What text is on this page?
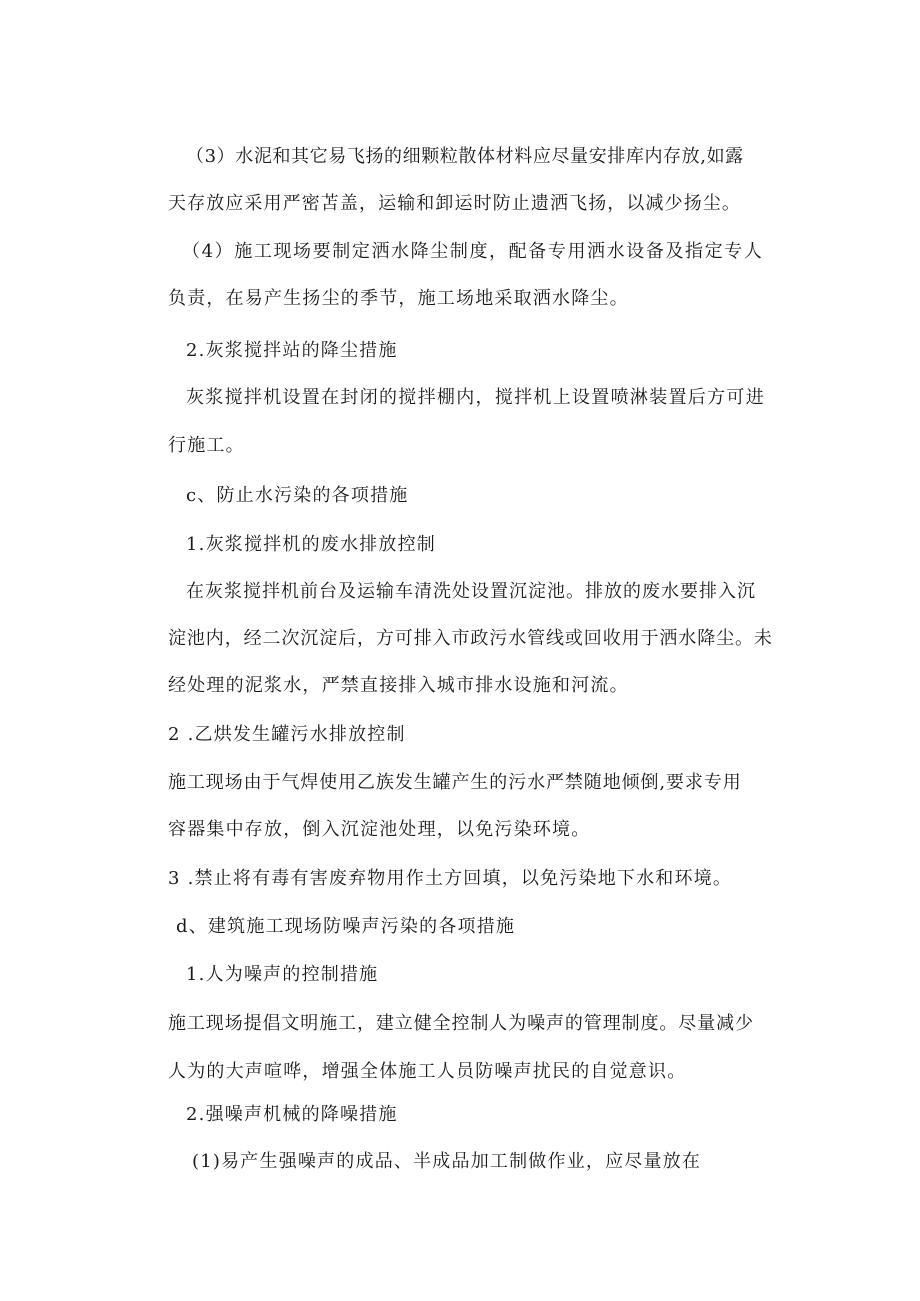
（3）水泥和其它易飞扬的细颗粒散体材料应尽量安排库内存放,如露
天存放应采用严密苫盖，运输和卸运时防止遗洒飞扬，以减少扬尘。
（4）施工现场要制定洒水降尘制度，配备专用洒水设备及指定专人
负责，在易产生扬尘的季节，施工场地采取洒水降尘。
2.灰浆搅拌站的降尘措施
灰浆搅拌机设置在封闭的搅拌棚内，搅拌机上设置喷淋装置后方可进
行施工。
c、防止水污染的各项措施
1.灰浆搅拌机的废水排放控制
在灰浆搅拌机前台及运输车清洗处设置沉淀池。排放的废水要排入沉
淀池内，经二次沉淀后，方可排入市政污水管线或回收用于洒水降尘。未
经处理的泥浆水，严禁直接排入城市排水设施和河流。
2 .乙烘发生罐污水排放控制
施工现场由于气焊使用乙族发生罐产生的污水严禁随地倾倒,要求专用
容器集中存放，倒入沉淀池处理，以免污染环境。
3 .禁止将有毒有害废弃物用作土方回填，以免污染地下水和环境。
d、建筑施工现场防噪声污染的各项措施
1.人为噪声的控制措施
施工现场提倡文明施工，建立健全控制人为噪声的管理制度。尽量减少
人为的大声喧哗，增强全体施工人员防噪声扰民的自觉意识。
2.强噪声机械的降噪措施
(1)易产生强噪声的成品、半成品加工制做作业，应尽量放在
